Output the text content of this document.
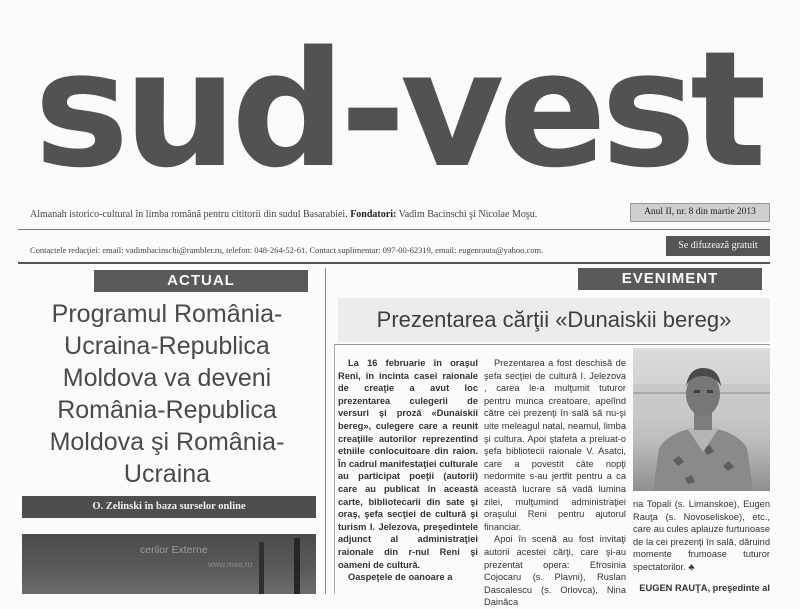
sud-vest
Almanah istorico-cultural în limba română pentru cititorii din sudul Basarabiei. Fondatori: Vadim Bacinschi şi Nicolae Moşu.	Anul II, nr. 8 din martie 2013
Contactele redacţiei: email: vadimbacinschi@rambler.ru, telefon: 048-264-52-61. Contact suplimentar: 097-00-62319, email: eugenrauta@yahoo.com.	Se difuzează gratuit
ACTUAL
Programul România-Ucraina-Republica Moldova va deveni România-Republica Moldova şi România-Ucraina
O. Zelinski în baza surselor online
cerilor Externe
www.mae.ro
EVENIMENT
Prezentarea cărţii «Dunaiskii bereg»

La 16 februarie în oraşul Reni, în incinta casei raionale de creaţie a avut loc prezentarea culegerii de versuri şi proză «Dunaiskii bereg», culegere care a reunit creaţiile autorilor reprezentînd etniile conlocuitoare din raion. În cadrul manifestaţiei culturale au participat poeţii (autorii) care au publicat în această carte, bibliotecarii din sate şi oraş, şefa secţiei de cultură şi turism I. Jelezova, preşedintele adjunct al administraţiei raionale din r-nul Reni şi oameni de cultură.

Oaspeţele de oanoare a

Prezentarea a fost deschisă de şefa secţiei de cultură I. Jelezova , carea le-a mulţumit tuturor pentru munca creatoare, apelînd către cei prezenţi în sală să nu-şi uite meleagul natal, neamul, limba şi cultura. Apoi ştafeta a preluat-o şefa bibliotecii raionale V. Asatci, care a povestit câte nopţi nedormite s-au jertfit pentru a ca această lucrare să vadă lumina zilei, mulţumind administraţiei oraşului Reni pentru ajutorul financiar.

Apoi în scenă au fost invitaţi autorii acestei cărţi, care şi-au prezentat opera: Efrosinia Cojocaru (s. Plavni), Ruslan Dascalescu (s. Orlovca), Nina Dainăca

na Topali (s. Limanskoe), Eugen Rauţa (s. Novoseliskoe), etc., care au cules aplauze furtunoase de la cei prezenţi în sală, dăruind momente frumoase tuturor spectatorilor. ♣

EUGEN RAUŢA, preşedinte al
